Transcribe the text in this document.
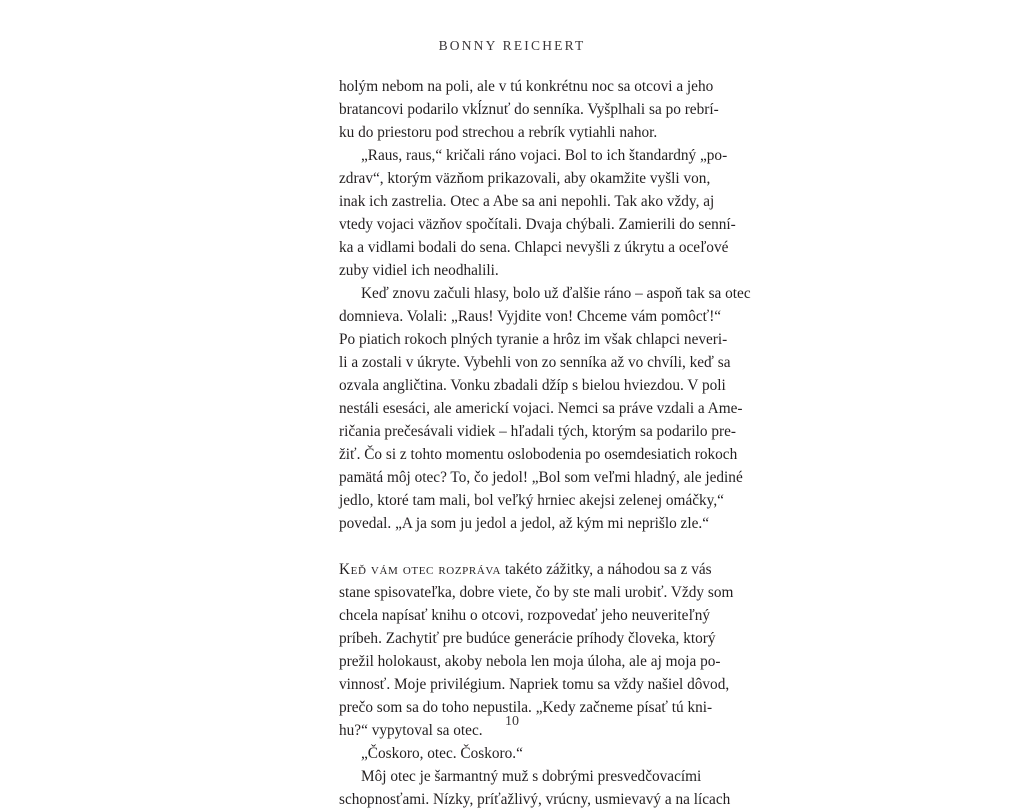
BONNY REICHERT
holým nebom na poli, ale v tú konkrétnu noc sa otcovi a jeho
bratancovi podarilo vkĺznuť do senníka. Vyšplhali sa po rebrí-
ku do priestoru pod strechou a rebrík vytiahli nahor.
„Raus, raus,“ kričali ráno vojaci. Bol to ich štandardný „po-
zdrav“, ktorým väzňom prikazovali, aby okamžite vyšli von,
inak ich zastrelia. Otec a Abe sa ani nepohli. Tak ako vždy, aj
vtedy vojaci väzňov spočítali. Dvaja chýbali. Zamierili do senní-
ka a vidlami bodali do sena. Chlapci nevyšli z úkrytu a oceľové
zuby vidiel ich neodhalili.
Keď znovu začuli hlasy, bolo už ďalšie ráno – aspoň tak sa otec
domnieva. Volali: „Raus! Vyjdite von! Chceme vám pomôcť!“
Po piatich rokoch plných tyranie a hrôz im však chlapci neveri-
li a zostali v úkryte. Vybehli von zo senníka až vo chvíli, keď sa
ozvala angličtina. Vonku zbadali džíp s bielou hviezdou. V poli
nestáli esesáci, ale americkí vojaci. Nemci sa práve vzdali a Ame-
ričania prečesávali vidiek – hľadali tých, ktorým sa podarilo pre-
žiť. Čo si z tohto momentu oslobodenia po osemdesiatich rokoch
pamätá môj otec? To, čo jedol! „Bol som veľmi hladný, ale jediné
jedlo, ktoré tam mali, bol veľký hrniec akejsi zelenej omáčky,“
povedal. „A ja som ju jedol a jedol, až kým mi neprišlo zle.“
Keď vám otec rozpráva takéto zážitky, a náhodou sa z vás
stane spisovateľka, dobre viete, čo by ste mali urobiť. Vždy som
chcela napísať knihu o otcovi, rozpovedať jeho neuveriteľný
príbeh. Zachytiť pre budúce generácie príhody človeka, ktorý
prežil holokaust, akoby nebola len moja úloha, ale aj moja po-
vinnosť. Moje privilégium. Napriek tomu sa vždy našiel dôvod,
prečo som sa do toho nepustila. „Kedy začneme písať tú kni-
hu?“ vypytoval sa otec.
„Čoskoro, otec. Čoskoro.“
Môj otec je šarmantný muž s dobrými presvedčovacími
schopnosťami. Nízky, príťažlivý, vrúcny, usmievavý a na lícach
10
